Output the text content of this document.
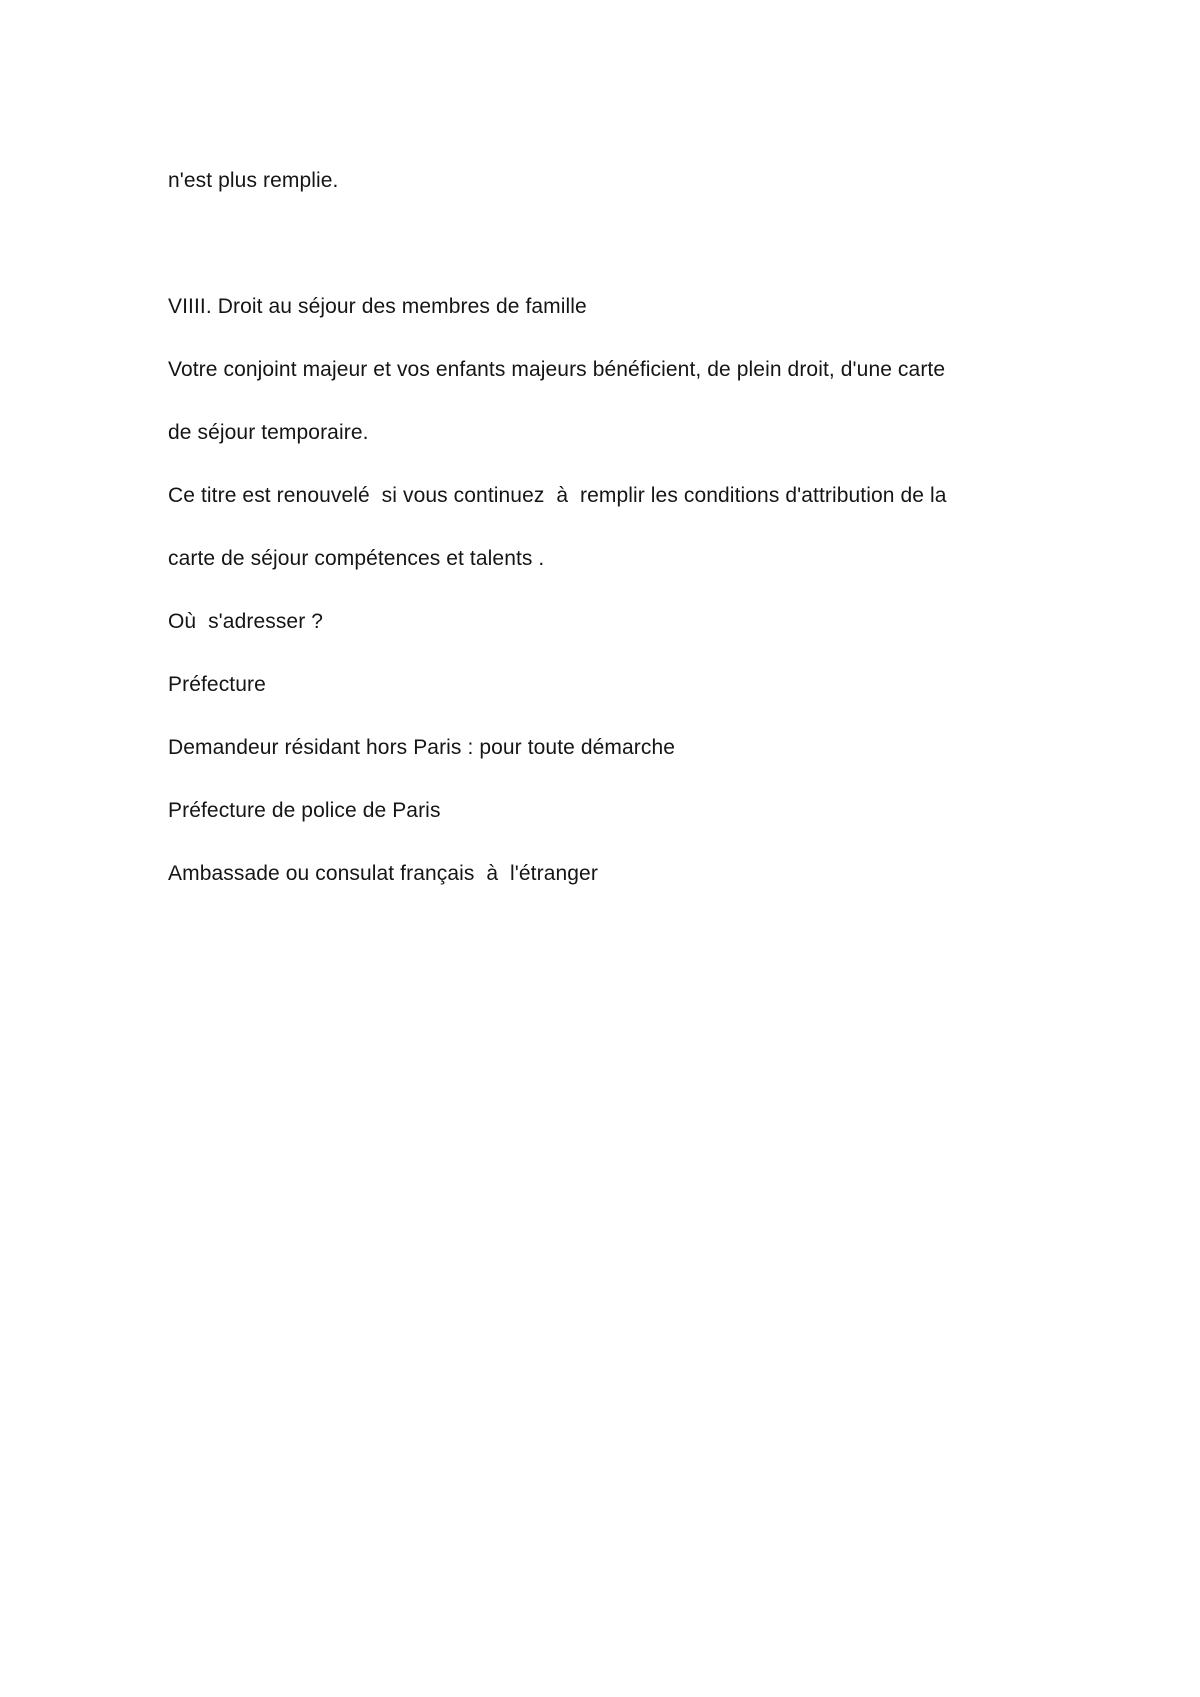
n'est plus remplie.
VIIII. Droit au séjour des membres de famille
Votre conjoint majeur et vos enfants majeurs bénéficient, de plein droit, d'une carte
de séjour temporaire.
Ce titre est renouvelé  si vous continuez  à  remplir les conditions d'attribution de la
carte de séjour compétences et talents .
Où  s'adresser ?
Préfecture
Demandeur résidant hors Paris : pour toute démarche
Préfecture de police de Paris
Ambassade ou consulat français  à  l'étranger
